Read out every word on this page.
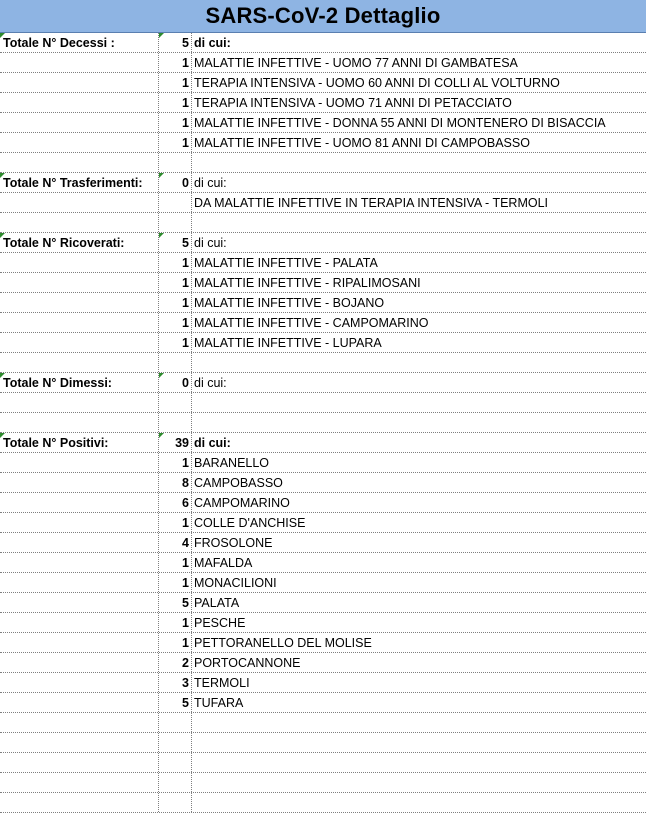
SARS-CoV-2 Dettaglio
Totale N° Decessi :	5 di cui:
1 MALATTIE INFETTIVE - UOMO 77 ANNI DI GAMBATESA
1 TERAPIA INTENSIVA - UOMO 60 ANNI DI COLLI AL VOLTURNO
1 TERAPIA INTENSIVA - UOMO 71 ANNI DI PETACCIATO
1 MALATTIE INFETTIVE - DONNA 55 ANNI DI MONTENERO DI BISACCIA
1 MALATTIE INFETTIVE - UOMO 81 ANNI DI CAMPOBASSO
Totale N° Trasferimenti:	0 di cui:
DA MALATTIE INFETTIVE IN TERAPIA INTENSIVA - TERMOLI
Totale N° Ricoverati:	5 di cui:
1 MALATTIE INFETTIVE - PALATA
1 MALATTIE INFETTIVE - RIPALIMOSANI
1 MALATTIE INFETTIVE - BOJANO
1 MALATTIE INFETTIVE - CAMPOMARINO
1 MALATTIE INFETTIVE - LUPARA
Totale N° Dimessi:	0 di cui:
Totale N° Positivi:	39 di cui:
1 BARANELLO
8 CAMPOBASSO
6 CAMPOMARINO
1 COLLE D'ANCHISE
4 FROSOLONE
1 MAFALDA
1 MONACILIONI
5 PALATA
1 PESCHE
1 PETTORANELLO DEL MOLISE
2 PORTOCANNONE
3 TERMOLI
5 TUFARA
